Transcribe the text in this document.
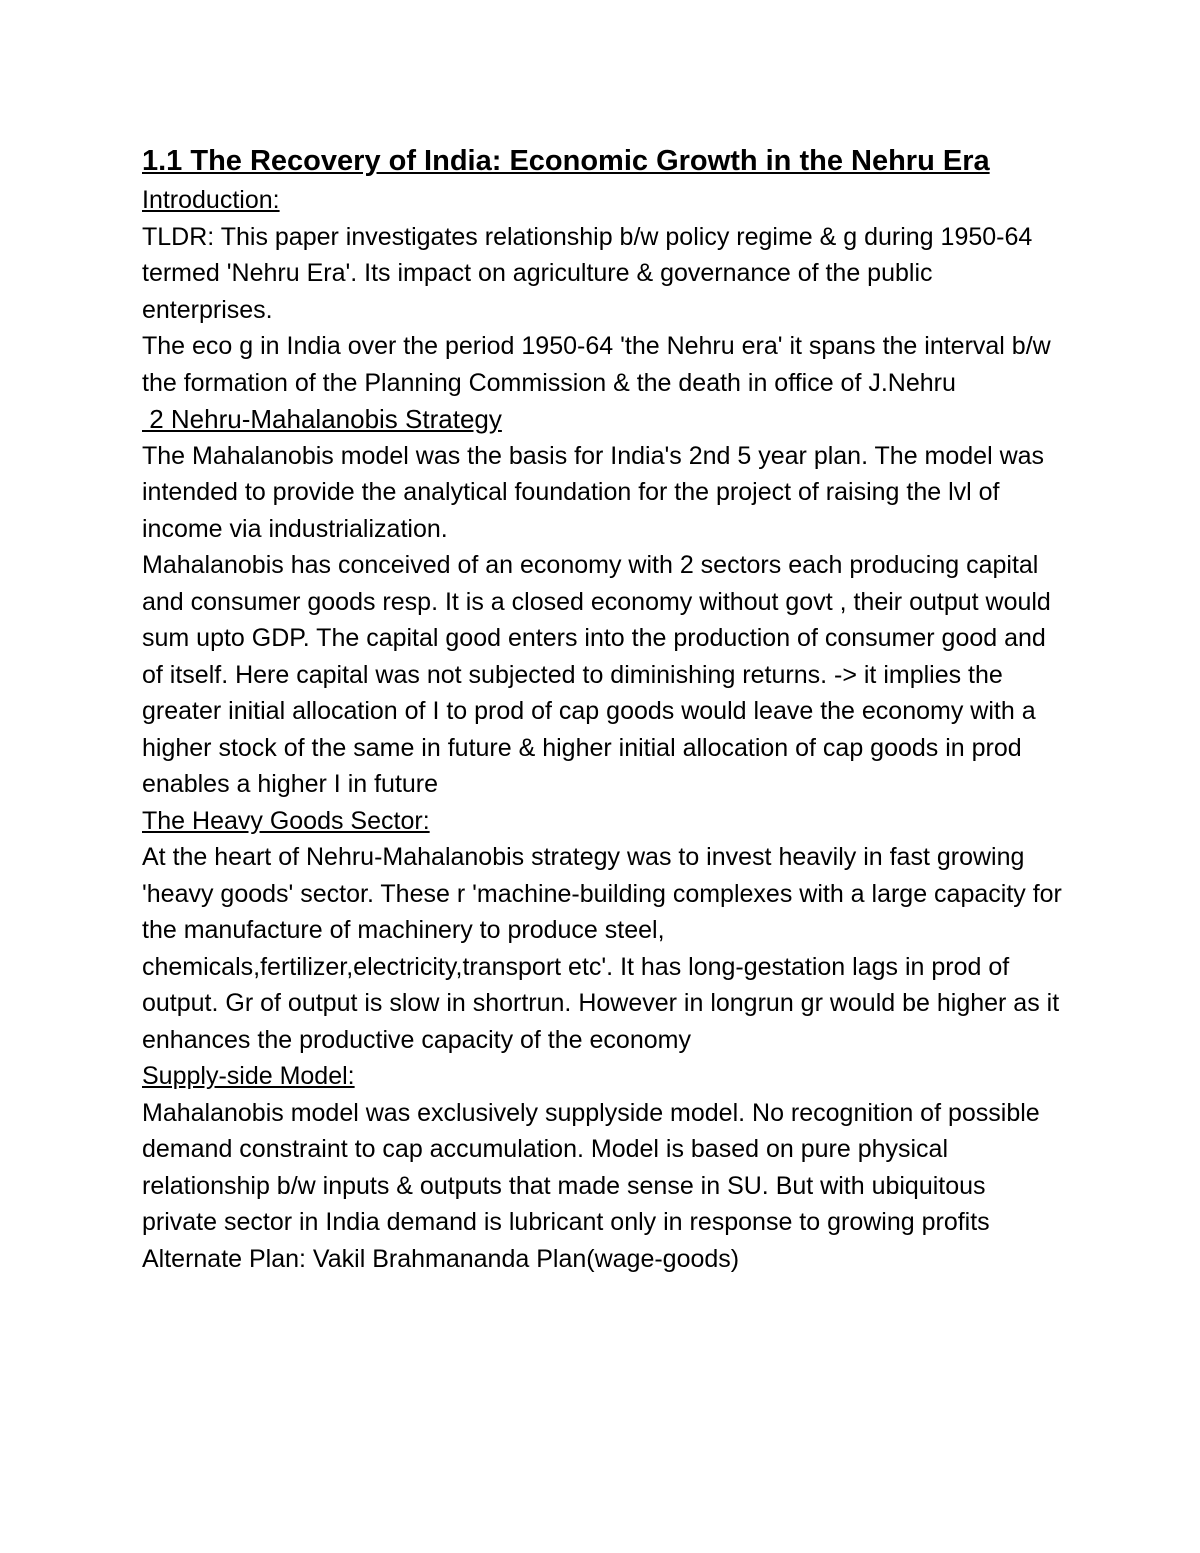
1.1 The Recovery of India: Economic Growth in the Nehru Era

Introduction:

TLDR: This paper investigates relationship b/w policy regime & g during 1950-64 termed 'Nehru Era'. Its impact on agriculture & governance of the public enterprises.

The eco g in India over the period 1950-64 'the Nehru era' it spans the interval b/w the formation of the Planning Commission & the death in office of J.Nehru

2 Nehru-Mahalanobis Strategy

The Mahalanobis model was the basis for India's 2nd 5 year plan. The model was intended to provide the analytical foundation for the project of raising the lvl of income via industrialization.

Mahalanobis has conceived of an economy with 2 sectors each producing capital and consumer goods resp. It is a closed economy without govt , their output would sum upto GDP. The capital good enters into the production of consumer good and of itself. Here capital was not subjected to diminishing returns. -> it implies the greater initial allocation of I to prod of cap goods would leave the economy with a higher stock of the same in future & higher initial allocation of cap goods in prod enables a higher I in future

The Heavy Goods Sector:

At the heart of Nehru-Mahalanobis strategy was to invest heavily in fast growing 'heavy goods' sector. These r 'machine-building complexes with a large capacity for the manufacture of machinery to produce steel, chemicals,fertilizer,electricity,transport etc'. It has long-gestation lags in prod of output. Gr of output is slow in shortrun. However in longrun gr would be higher as it enhances the productive capacity of the economy

Supply-side Model:

Mahalanobis model was exclusively supplyside model. No recognition of possible demand constraint to cap accumulation. Model is based on pure physical relationship b/w inputs & outputs that made sense in SU. But with ubiquitous private sector in India demand is lubricant only in response to growing profits

Alternate Plan: Vakil Brahmananda Plan(wage-goods)
